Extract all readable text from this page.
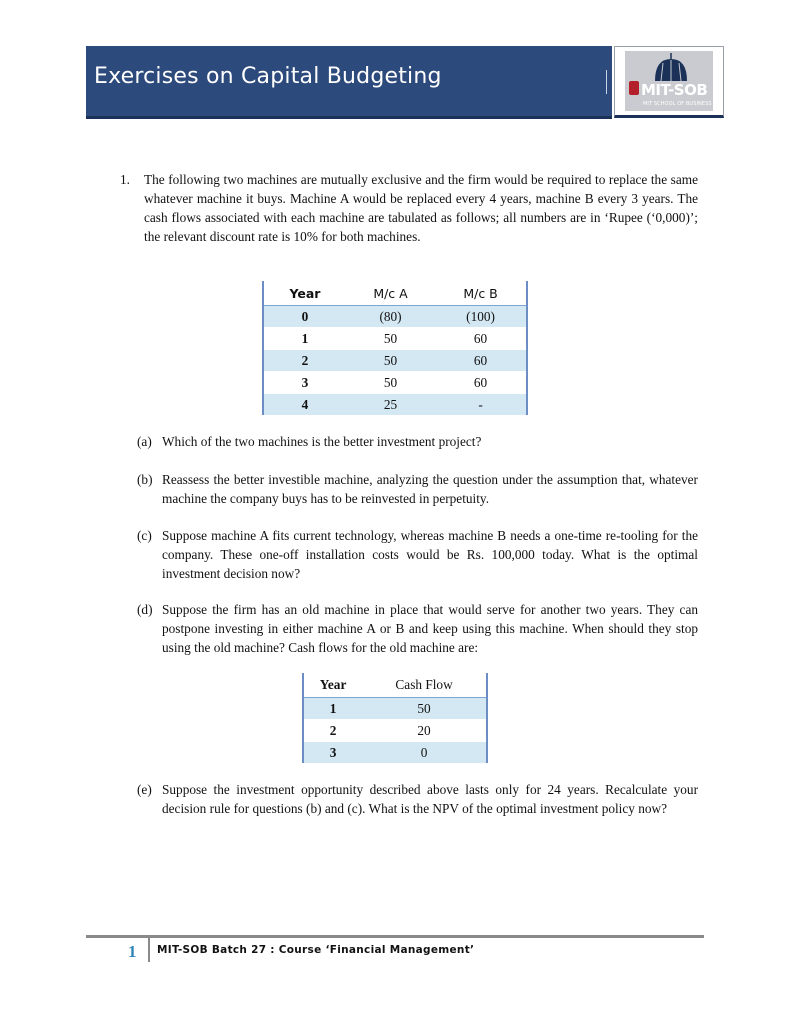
Exercises on Capital Budgeting
MIT-SOB
MIT SCHOOL OF BUSINESS
1. The following two machines are mutually exclusive and the firm would be required to replace the same whatever machine it buys. Machine A would be replaced every 4 years, machine B every 3 years. The cash flows associated with each machine are tabulated as follows; all numbers are in ‘Rupee (‘0,000)’; the relevant discount rate is 10% for both machines.
Year	M/c A	M/c B
0	(80)	(100)
1	50	60
2	50	60
3	50	60
4	25	-
(a) Which of the two machines is the better investment project?
(b) Reassess the better investible machine, analyzing the question under the assumption that, whatever machine the company buys has to be reinvested in perpetuity.
(c) Suppose machine A fits current technology, whereas machine B needs a one-time re-tooling for the company. These one-off installation costs would be Rs. 100,000 today. What is the optimal investment decision now?
(d) Suppose the firm has an old machine in place that would serve for another two years. They can postpone investing in either machine A or B and keep using this machine. When should they stop using the old machine? Cash flows for the old machine are:
Year	Cash Flow
1	50
2	20
3	0
(e) Suppose the investment opportunity described above lasts only for 24 years. Recalculate your decision rule for questions (b) and (c). What is the NPV of the optimal investment policy now?
1 MIT-SOB Batch 27 : Course ‘Financial Management’
